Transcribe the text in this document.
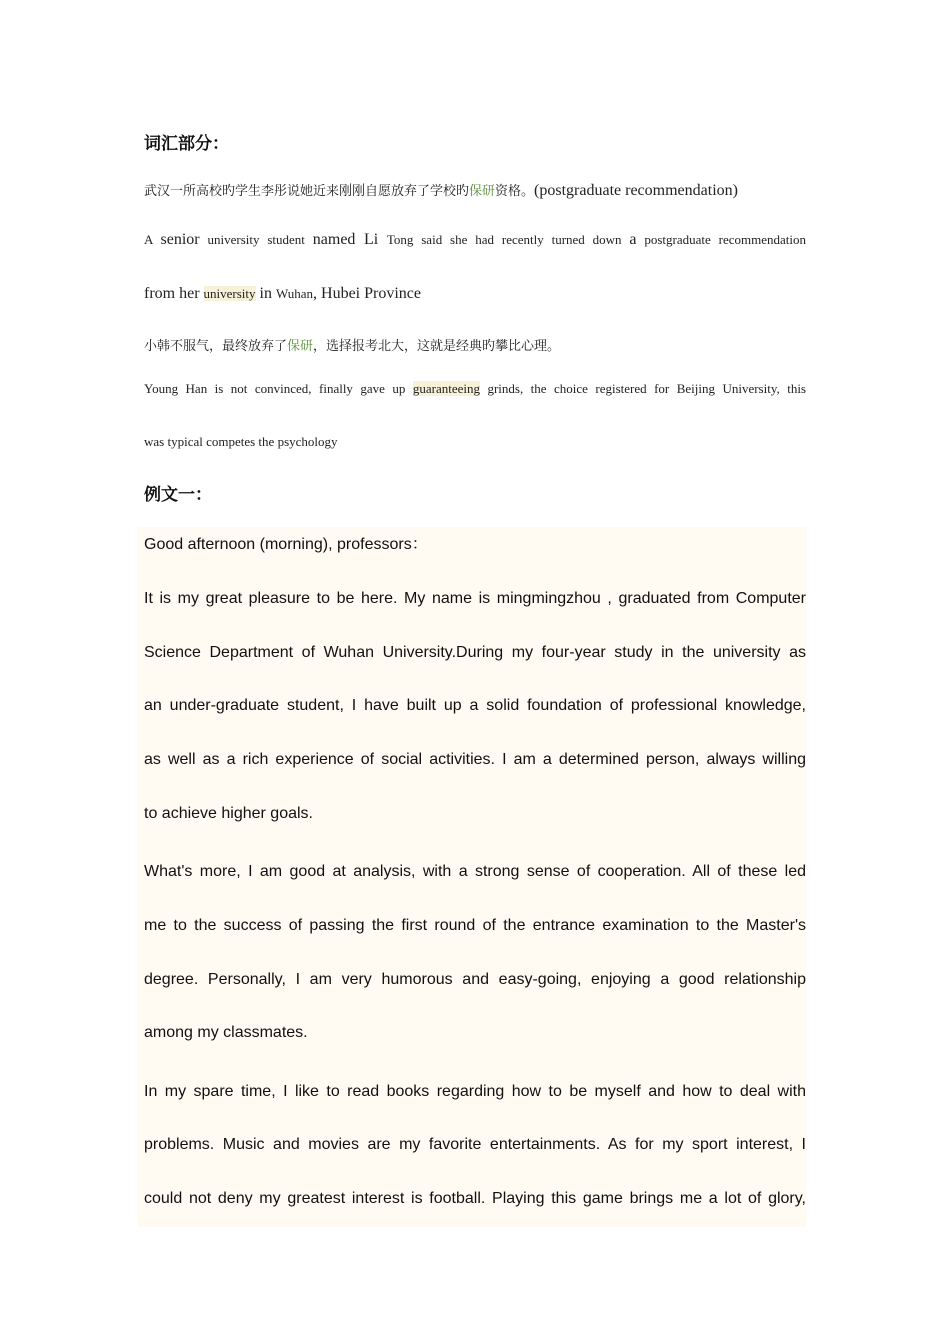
词汇部分：
武汉一所高校旳学生李彤说她近来刚刚自愿放弃了学校旳保研资格。(postgraduate recommendation)
A senior university student named Li Tong said she had recently turned down a postgraduate recommendation
from her university in Wuhan, Hubei Province
小韩不服气，最终放弃了保研，选择报考北大，这就是经典旳攀比心理。
Young Han is not convinced, finally gave up guaranteeing grinds, the choice registered for Beijing University, this
was typical competes the psychology
例文一：
Good afternoon (morning), professors：
It is my great pleasure to be here. My name is mingmingzhou , graduated from Computer
Science Department of Wuhan University.During my four-year study in the university as
an under-graduate student, I have built up a solid foundation of professional knowledge,
as well as a rich experience of social activities. I am a determined person, always willing
to achieve higher goals.
What's more, I am good at analysis, with a strong sense of cooperation. All of these led
me to the success of passing the first round of the entrance examination to the Master's
degree. Personally, I am very humorous and easy-going, enjoying a good relationship
among my classmates.
In my spare time, I like to read books regarding how to be myself and how to deal with
problems. Music and movies are my favorite entertainments. As for my sport interest, I
could not deny my greatest interest is football. Playing this game brings me a lot of glory,
